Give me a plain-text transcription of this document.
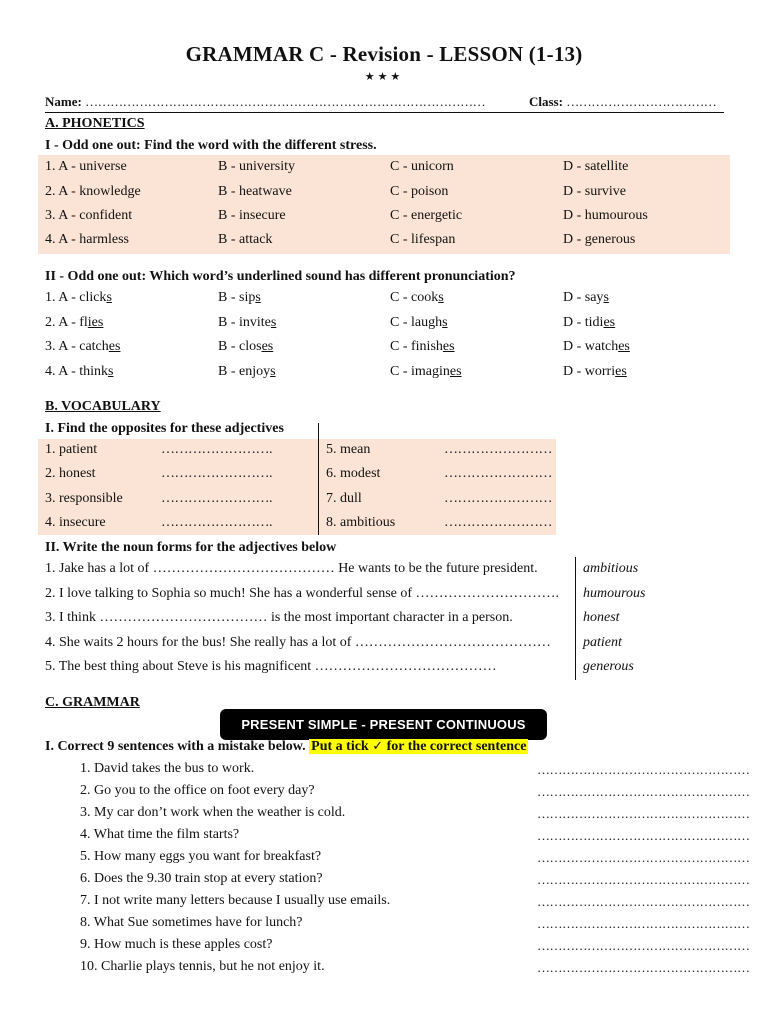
GRAMMAR C - Revision - LESSON (1-13)
★★★
Name: ……………………………………………………………………………………	Class: ………………………………
A. PHONETICS
I - Odd one out: Find the word with the different stress.
1. A - universe	B - university	C - unicorn	D - satellite
2. A - knowledge	B - heatwave	C - poison	D - survive
3. A - confident	B - insecure	C - energetic	D - humourous
4. A - harmless	B - attack	C - lifespan	D - generous
II - Odd one out: Which word’s underlined sound has different pronunciation?
1. A - clicks	B - sips	C - cooks	D - says
2. A - flies	B - invites	C - laughs	D - tidies
3. A - catches	B - closes	C - finishes	D - watches
4. A - thinks	B - enjoys	C - imagines	D - worries
B. VOCABULARY
I. Find the opposites for these adjectives
1. patient	…………………….	5. mean	……………………
2. honest	…………………….	6. modest	……………………
3. responsible	…………………….	7. dull	……………………
4. insecure	…………………….	8. ambitious	……………………
II. Write the noun forms for the adjectives below
1. Jake has a lot of ………………………………… He wants to be the future president.	ambitious
2. I love talking to Sophia so much! She has a wonderful sense of …………………………. humourous
3. I think ……………………………… is the most important character in a person.	honest
4. She waits 2 hours for the bus! She really has a lot of …………………………………… patient
5. The best thing about Steve is his magnificent …………………………………	generous
C. GRAMMAR
PRESENT SIMPLE - PRESENT CONTINUOUS
I. Correct 9 sentences with a mistake below. Put a tick ✓ for the correct sentence
1. David takes the bus to work.	……………………………………………
2. Go you to the office on foot every day?	……………………………………………
3. My car don’t work when the weather is cold.	……………………………………………
4. What time the film starts?	……………………………………………
5. How many eggs you want for breakfast?	……………………………………………
6. Does the 9.30 train stop at every station?	……………………………………………
7. I not write many letters because I usually use emails.	……………………………………………
8. What Sue sometimes have for lunch?	……………………………………………
9. How much is these apples cost?	……………………………………………
10. Charlie plays tennis, but he not enjoy it.	……………………………………………
